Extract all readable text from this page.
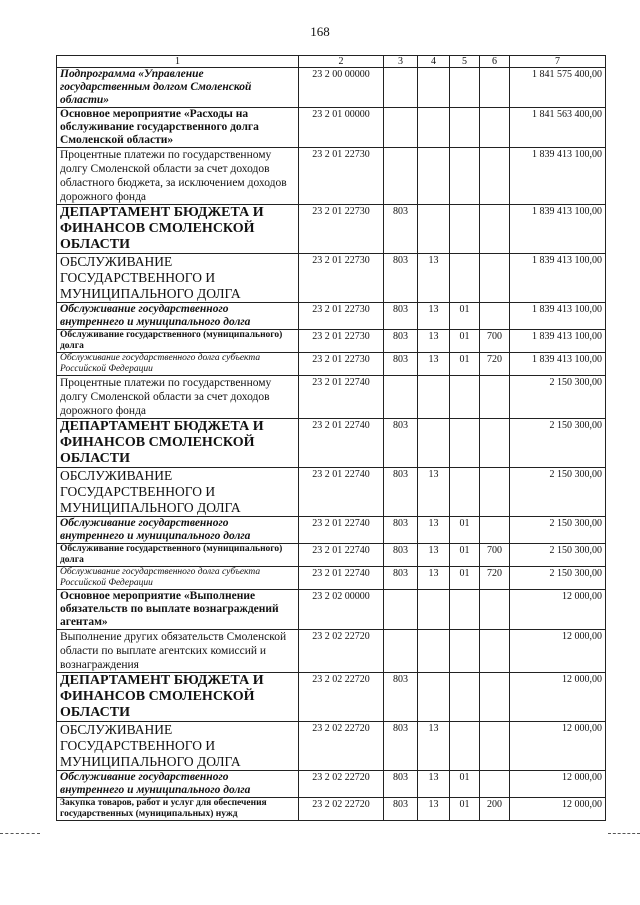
168
1	2	3	4	5	6	7

Подпрограмма «Управление государственным долгом Смоленской области»	23 2 00 00000					1 841 575 400,00

Основное мероприятие «Расходы на обслуживание государственного долга Смоленской области»	23 2 01 00000					1 841 563 400,00

Процентные платежи по государственному долгу Смоленской области за счет доходов областного бюджета, за исключением доходов дорожного фонда	23 2 01 22730					1 839 413 100,00

ДЕПАРТАМЕНТ БЮДЖЕТА И ФИНАНСОВ СМОЛЕНСКОЙ ОБЛАСТИ	23 2 01 22730	803				1 839 413 100,00

ОБСЛУЖИВАНИЕ ГОСУДАРСТВЕННОГО И МУНИЦИПАЛЬНОГО ДОЛГА	23 2 01 22730	803	13			1 839 413 100,00

Обслуживание государственного внутреннего и муниципального долга	23 2 01 22730	803	13	01		1 839 413 100,00

Обслуживание государственного (муниципального) долга	23 2 01 22730	803	13	01	700	1 839 413 100,00

Обслуживание государственного долга субъекта Российской Федерации	23 2 01 22730	803	13	01	720	1 839 413 100,00

Процентные платежи по государственному долгу Смоленской области за счет доходов дорожного фонда	23 2 01 22740					2 150 300,00

ДЕПАРТАМЕНТ БЮДЖЕТА И ФИНАНСОВ СМОЛЕНСКОЙ ОБЛАСТИ	23 2 01 22740	803				2 150 300,00

ОБСЛУЖИВАНИЕ ГОСУДАРСТВЕННОГО И МУНИЦИПАЛЬНОГО ДОЛГА	23 2 01 22740	803	13			2 150 300,00

Обслуживание государственного внутреннего и муниципального долга	23 2 01 22740	803	13	01		2 150 300,00

Обслуживание государственного (муниципального) долга	23 2 01 22740	803	13	01	700	2 150 300,00

Обслуживание государственного долга субъекта Российской Федерации	23 2 01 22740	803	13	01	720	2 150 300,00

Основное мероприятие «Выполнение обязательств по выплате вознаграждений агентам»	23 2 02 00000					12 000,00

Выполнение других обязательств Смоленской области по выплате агентских комиссий и вознаграждения	23 2 02 22720					12 000,00

ДЕПАРТАМЕНТ БЮДЖЕТА И ФИНАНСОВ СМОЛЕНСКОЙ ОБЛАСТИ	23 2 02 22720	803				12 000,00

ОБСЛУЖИВАНИЕ ГОСУДАРСТВЕННОГО И МУНИЦИПАЛЬНОГО ДОЛГА	23 2 02 22720	803	13			12 000,00

Обслуживание государственного внутреннего и муниципального долга	23 2 02 22720	803	13	01		12 000,00

Закупка товаров, работ и услуг для обеспечения государственных (муниципальных) нужд	23 2 02 22720	803	13	01	200	12 000,00
